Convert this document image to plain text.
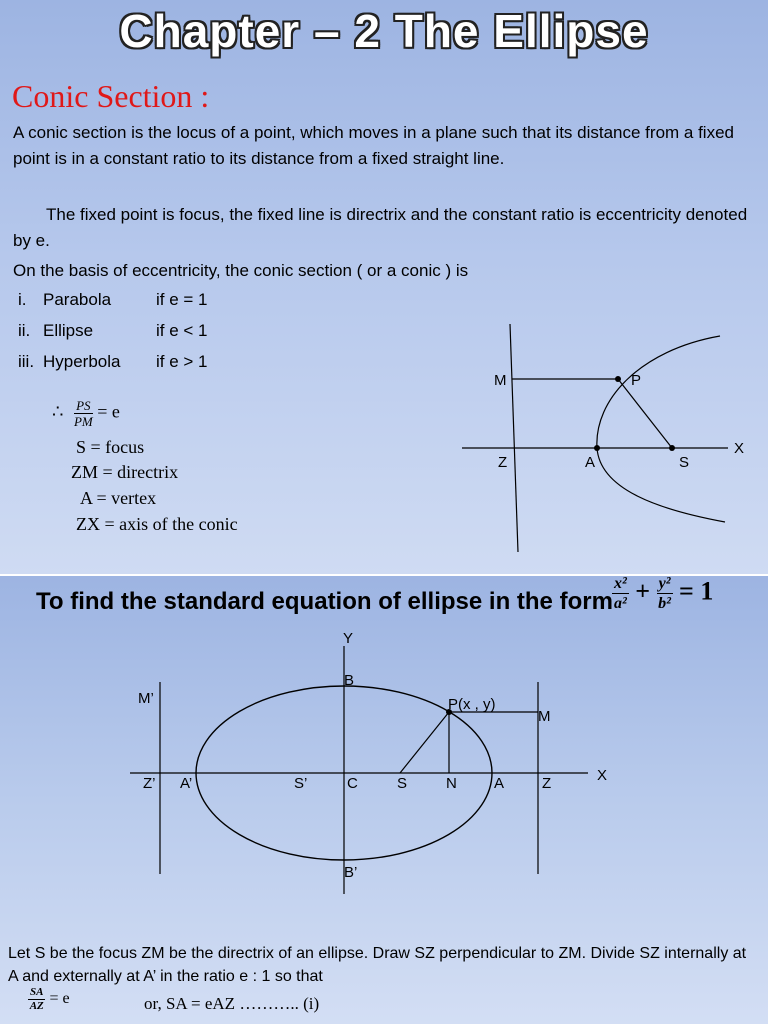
Chapter – 2 The Ellipse
Conic Section :
A conic section is the locus of a point, which moves in a plane such that its distance from a fixed point is in a constant ratio to its distance from a fixed straight line.
The fixed point is focus, the fixed line is directrix and the constant ratio is eccentricity denoted by e.
On the basis of eccentricity, the conic section ( or a conic ) is
i. Parabola	if e = 1
ii. Ellipse	if e < 1
iii. Hyperbola if e > 1
∴ $\frac{PS}{PM} = e$
S = focus
ZM = directrix
A = vertex
ZX = axis of the conic
M	P
Z	A	S
X
To find the standard equation of ellipse in the form $\frac{\text{x²}}{\text{a²}} + \frac{\text{y²}}{\text{b²}} = 1$
Y
B
M’	P(x , y)
M
Z’ A’	S’	C	S	N A	Z	X
B’
Let S be the focus ZM be the directrix of an ellipse. Draw SZ perpendicular to ZM. Divide SZ internally at A and externally at A’ in the ratio e : 1 so that
$\frac{SA}{AZ} = e$	or, SA = eAZ ……….. (i)
